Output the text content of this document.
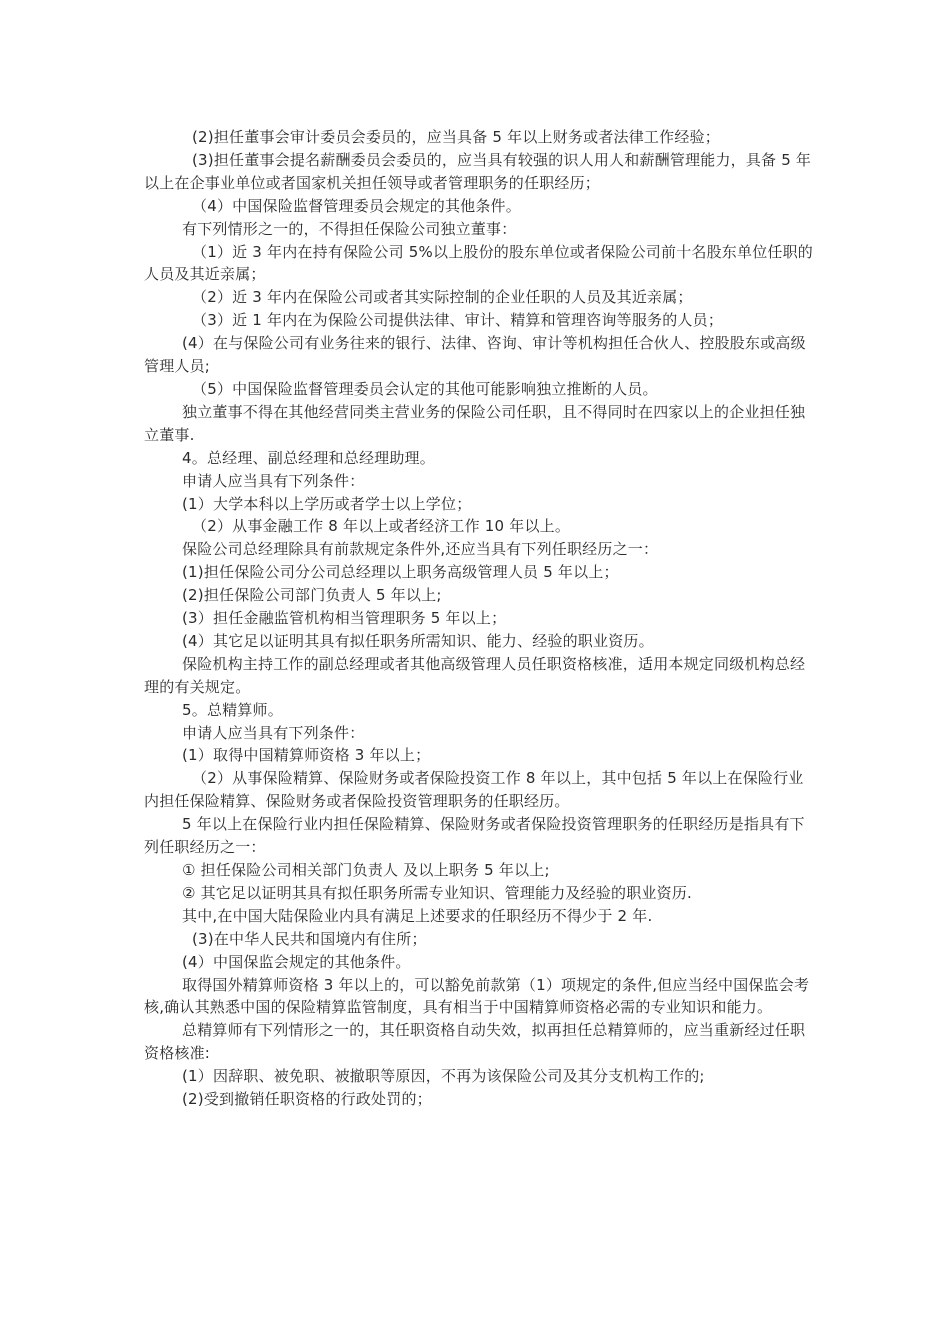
(2)担任董事会审计委员会委员的，应当具备 5 年以上财务或者法律工作经验；

(3)担任董事会提名薪酬委员会委员的，应当具有较强的识人用人和薪酬管理能力，具备 5 年以上在企事业单位或者国家机关担任领导或者管理职务的任职经历；

（4）中国保险监督管理委员会规定的其他条件。

有下列情形之一的，不得担任保险公司独立董事：

（1）近 3 年内在持有保险公司 5%以上股份的股东单位或者保险公司前十名股东单位任职的人员及其近亲属；

（2）近 3 年内在保险公司或者其实际控制的企业任职的人员及其近亲属；

（3）近 1 年内在为保险公司提供法律、审计、精算和管理咨询等服务的人员；

(4）在与保险公司有业务往来的银行、法律、咨询、审计等机构担任合伙人、控股股东或高级管理人员;

（5）中国保险监督管理委员会认定的其他可能影响独立推断的人员。

独立董事不得在其他经营同类主营业务的保险公司任职，且不得同时在四家以上的企业担任独立董事.

4。总经理、副总经理和总经理助理。

申请人应当具有下列条件：

(1）大学本科以上学历或者学士以上学位；

（2）从事金融工作 8 年以上或者经济工作 10 年以上。

保险公司总经理除具有前款规定条件外,还应当具有下列任职经历之一：

(1)担任保险公司分公司总经理以上职务高级管理人员 5 年以上；

(2)担任保险公司部门负责人 5 年以上;

(3）担任金融监管机构相当管理职务 5 年以上；

(4）其它足以证明其具有拟任职务所需知识、能力、经验的职业资历。

保险机构主持工作的副总经理或者其他高级管理人员任职资格核准，适用本规定同级机构总经理的有关规定。

5。总精算师。

申请人应当具有下列条件：

(1）取得中国精算师资格 3 年以上；

（2）从事保险精算、保险财务或者保险投资工作 8 年以上，其中包括 5 年以上在保险行业内担任保险精算、保险财务或者保险投资管理职务的任职经历。

5 年以上在保险行业内担任保险精算、保险财务或者保险投资管理职务的任职经历是指具有下列任职经历之一：

① 担任保险公司相关部门负责人 及以上职务 5 年以上;

② 其它足以证明其具有拟任职务所需专业知识、管理能力及经验的职业资历.

其中,在中国大陆保险业内具有满足上述要求的任职经历不得少于 2 年.

(3)在中华人民共和国境内有住所；

(4）中国保监会规定的其他条件。

取得国外精算师资格 3 年以上的，可以豁免前款第（1）项规定的条件,但应当经中国保监会考核,确认其熟悉中国的保险精算监管制度，具有相当于中国精算师资格必需的专业知识和能力。

总精算师有下列情形之一的，其任职资格自动失效，拟再担任总精算师的，应当重新经过任职资格核准:

(1）因辞职、被免职、被撤职等原因，不再为该保险公司及其分支机构工作的;

(2)受到撤销任职资格的行政处罚的；
